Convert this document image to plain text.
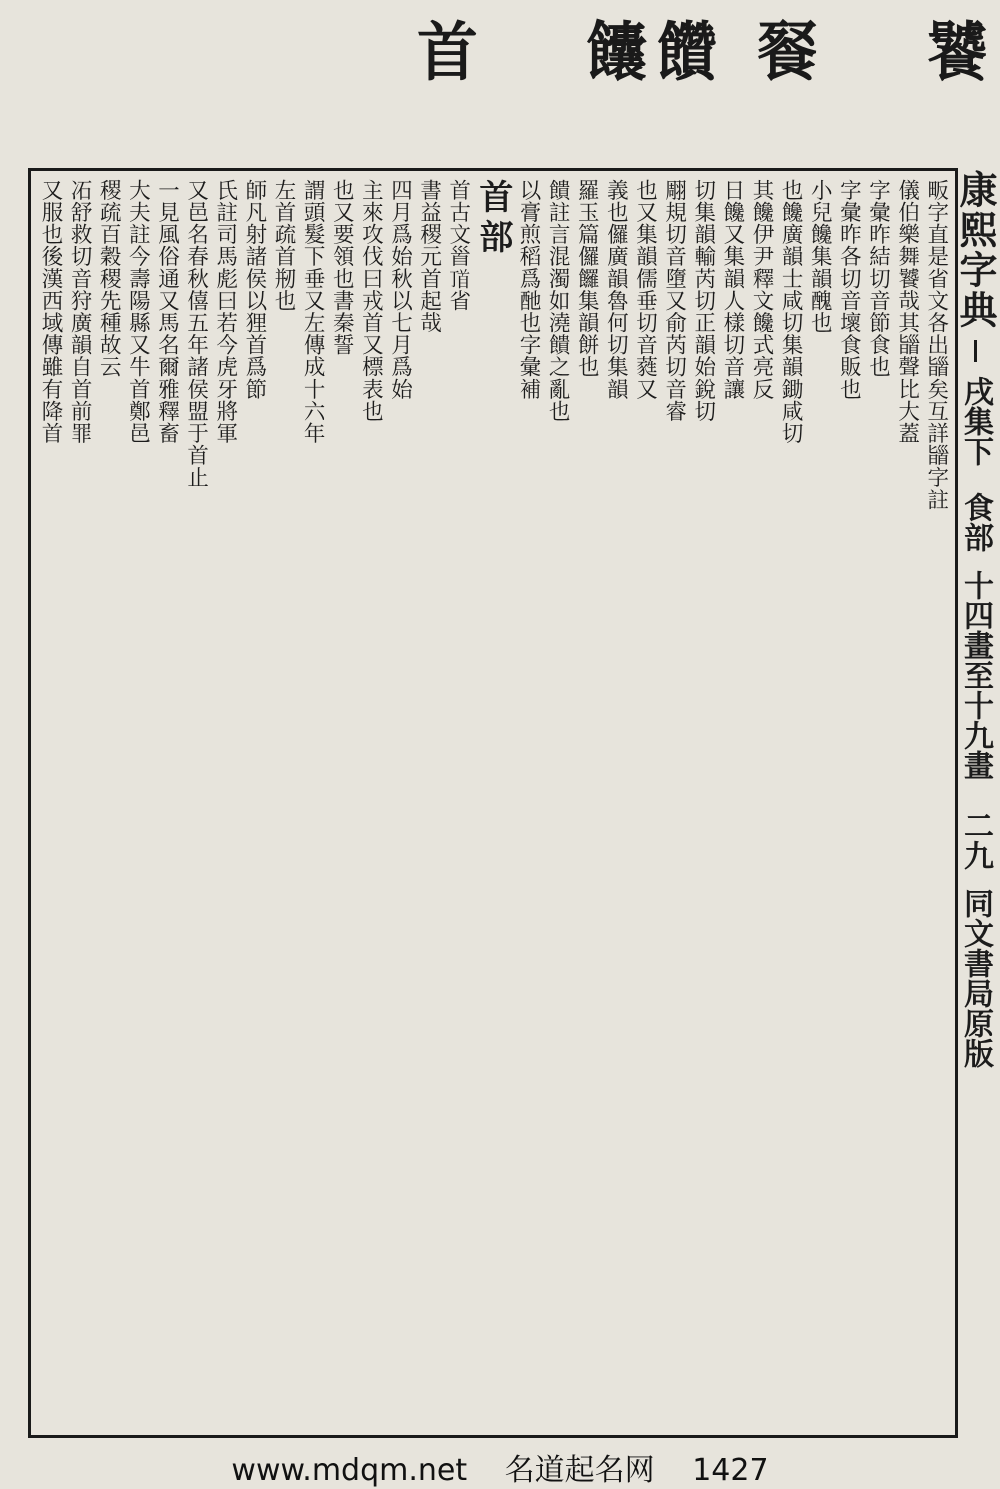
首 饢
饡 䬸 饕
康熙字典
戌集下
食部
十四畫至十九畫
二九
同文書局原版
畈字直是省文各出䭬矣互詳䭬字註
儀伯樂舞饕哉其䭬聲比大蓋
字彙昨結切音節食也
字彙昨各切音壞食販也
小兒饞集韻醜也
也饞廣韻士咸切集韻鋤咸切
其饞伊尹釋文饞式亮反
日饞又集韻人樣切音讓
切集韻輸芮切正韻始銳切
翢規切音墮又俞芮切音睿
也又集韻儒垂切音蕤又
義也儸廣韻魯何切集韻
羅玉篇儸饠集韻餅也
饋註言混濁如澆饋之亂也
以膏煎稻爲酏也字彙補
首部
首古文𩠐𩠑省
書益稷元首起哉
四月爲始秋以七月爲始
主來攻伐曰戎首又標表也
也又要領也書秦誓
謂頭髮下垂又左傳成十六年
左首疏首剏也
師凡射諸侯以狸首爲節
氏註司馬彪曰若今虎牙將軍
又邑名春秋僖五年諸侯盟于首止
一見風俗通又馬名爾雅釋畜
大夫註今壽陽縣又牛首鄭邑
稷疏百穀稷先種故云
㓈舒救切音狩廣韻自首前罪
又服也後漢西域傳雖有降首
www.mdqm.net 名道起名网 1427
